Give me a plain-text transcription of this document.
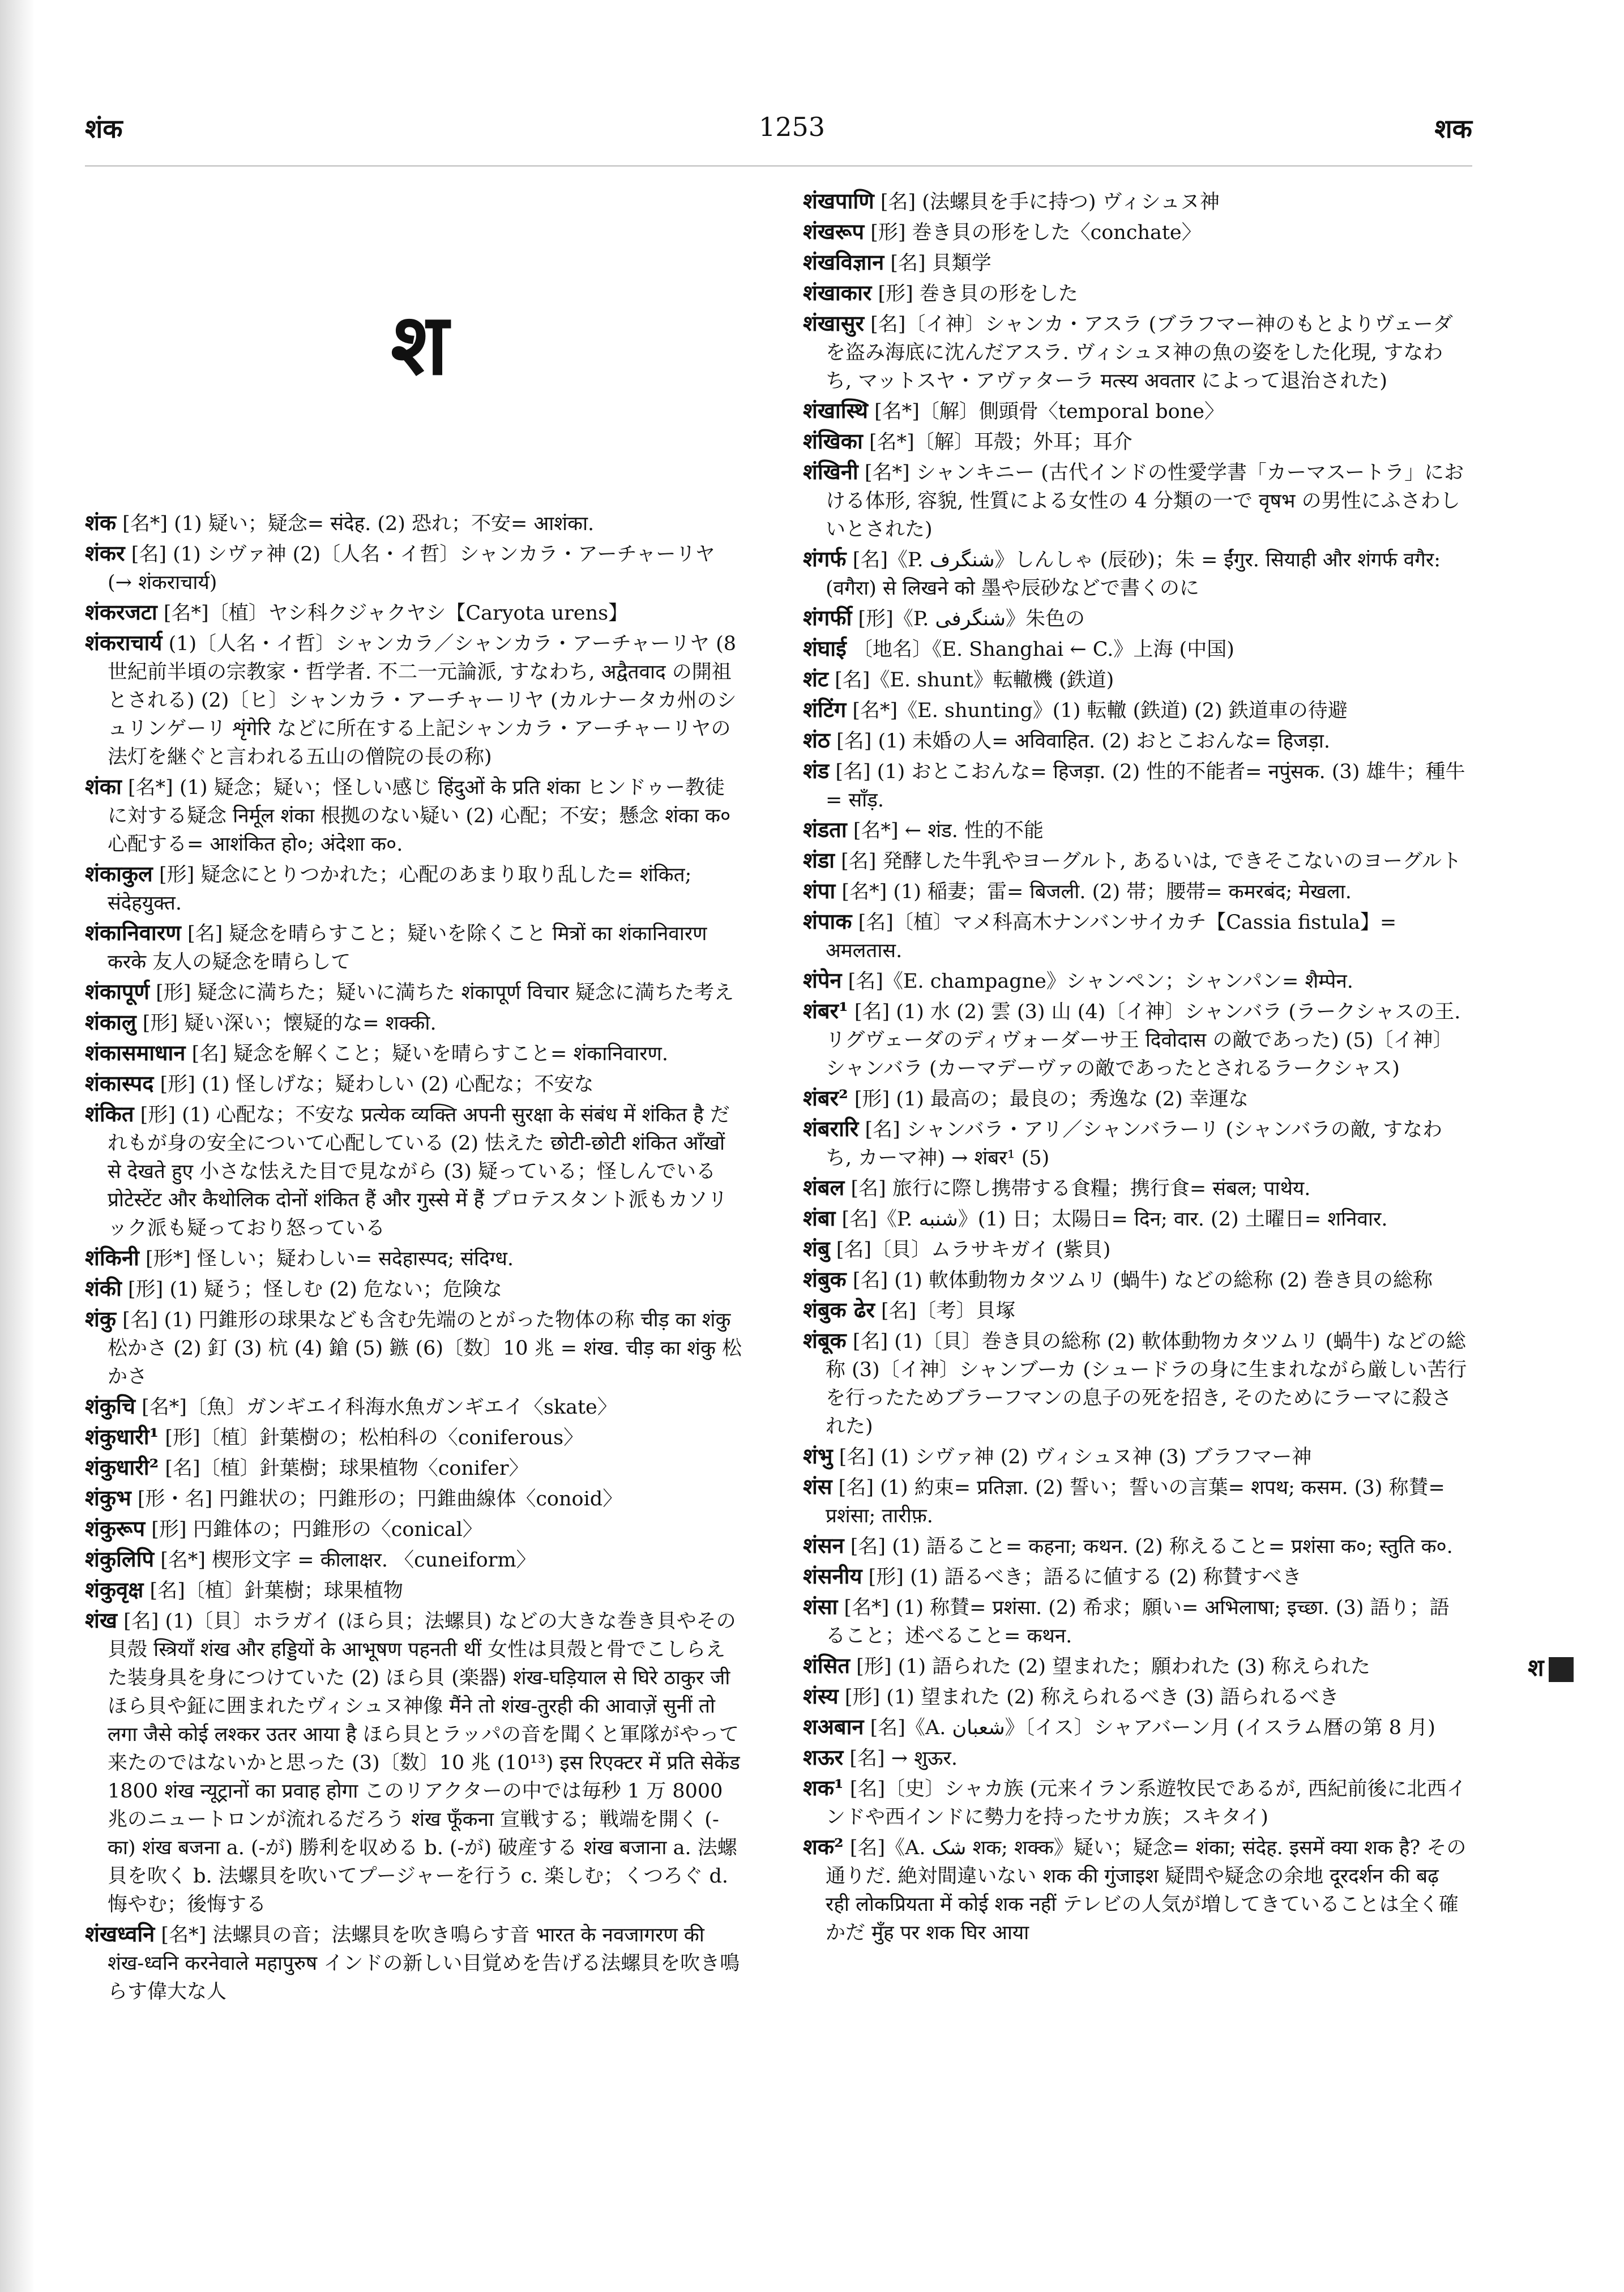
शंक	1253	शक
श

शंक [名*] (1) 疑い；疑念= संदेह. (2) 恐れ；不安= आशंका.

शंकर [名] (1) シヴァ神 (2)〔人名・イ哲〕シャンカラ・アーチャーリヤ (→ शंकराचार्य)

शंकरजटा [名*]〔植〕ヤシ科クジャクヤシ【Caryota urens】

शंकराचार्य (1)〔人名・イ哲〕シャンカラ／シャンカラ・アーチャーリヤ (8 世紀前半頃の宗教家・哲学者. 不二一元論派, すなわち, अद्वैतवाद の開祖とされる) (2)〔ヒ〕シャンカラ・アーチャーリヤ (カルナータカ州のシュリンゲーリ शृंगेरि などに所在する上記シャンカラ・アーチャーリヤの法灯を継ぐと言われる五山の僧院の長の称)

शंका [名*] (1) 疑念；疑い；怪しい感じ हिंदुओं के प्रति शंका ヒンドゥー教徒に対する疑念 निर्मूल शंका 根拠のない疑い (2) 心配；不安；懸念 शंका क० 心配する= आशंकित हो०; अंदेशा क०.

शंकाकुल [形] 疑念にとりつかれた；心配のあまり取り乱した= शंकित; संदेहयुक्त.

शंकानिवारण [名] 疑念を晴らすこと；疑いを除くこと मित्रों का शंकानिवारण करके 友人の疑念を晴らして

शंकापूर्ण [形] 疑念に満ちた；疑いに満ちた शंकापूर्ण विचार 疑念に満ちた考え

शंकालु [形] 疑い深い；懐疑的な= शक्की.

शंकासमाधान [名] 疑念を解くこと；疑いを晴らすこと= शंकानिवारण.

शंकास्पद [形] (1) 怪しげな；疑わしい (2) 心配な；不安な

शंकित [形] (1) 心配な；不安な प्रत्येक व्यक्ति अपनी सुरक्षा के संबंध में शंकित है だれもが身の安全について心配している (2) 怯えた छोटी-छोटी शंकित आँखों से देखते हुए 小さな怯えた目で見ながら (3) 疑っている；怪しんでいる प्रोटेस्टेंट और कैथोलिक दोनों शंकित हैं और गुस्से में हैं プロテスタント派もカソリック派も疑っており怒っている

शंकिनी [形*] 怪しい；疑わしい= सदेहास्पद; संदिग्ध.

शंकी [形] (1) 疑う；怪しむ (2) 危ない；危険な

शंकु [名] (1) 円錐形の球果なども含む先端のとがった物体の称 चीड़ का शंकु 松かさ (2) 釘 (3) 杭 (4) 鎗 (5) 鏃 (6)〔数〕10 兆 = शंख. चीड़ का शंकु 松かさ

शंकुचि [名*]〔魚〕ガンギエイ科海水魚ガンギエイ〈skate〉

शंकुधारी¹ [形]〔植〕針葉樹の；松柏科の〈coniferous〉

शंकुधारी² [名]〔植〕針葉樹；球果植物〈conifer〉

शंकुभ [形・名] 円錐状の；円錐形の；円錐曲線体〈conoid〉

शंकुरूप [形] 円錐体の；円錐形の〈conical〉

शंकुलिपि [名*] 楔形文字 = कीलाक्षर. 〈cuneiform〉

शंकुवृक्ष [名]〔植〕針葉樹；球果植物

शंख [名] (1)〔貝〕ホラガイ (ほら貝；法螺貝) などの大きな巻き貝やその貝殻 स्त्रियाँ शंख और हड्डियों के आभूषण पहनती थीं 女性は貝殻と骨でこしらえた装身具を身につけていた (2) ほら貝 (楽器) शंख-घड़ियाल से घिरे ठाकुर जी ほら貝や鉦に囲まれたヴィシュヌ神像 मैंने तो शंख-तुरही की आवाज़ें सुनीं तो लगा जैसे कोई लश्कर उतर आया है ほら貝とラッパの音を聞くと軍隊がやって来たのではないかと思った (3)〔数〕10 兆 (10¹³) इस रिएक्टर में प्रति सेकेंड 1800 शंख न्यूट्रानों का प्रवाह होगा このリアクターの中では毎秒 1 万 8000 兆のニュートロンが流れるだろう शंख फूँकना 宣戦する；戦端を開く (-का) शंख बजना a. (-が) 勝利を収める b. (-が) 破産する शंख बजाना a. 法螺貝を吹く b. 法螺貝を吹いてプージャーを行う c. 楽しむ；くつろぐ d. 悔やむ；後悔する

शंखध्वनि [名*] 法螺貝の音；法螺貝を吹き鳴らす音 भारत के नवजागरण की शंख-ध्वनि करनेवाले महापुरुष インドの新しい目覚めを告げる法螺貝を吹き鳴らす偉大な人

शंखपाणि [名] (法螺貝を手に持つ) ヴィシュヌ神

शंखरूप [形] 巻き貝の形をした〈conchate〉

शंखविज्ञान [名] 貝類学

शंखाकार [形] 巻き貝の形をした

शंखासुर [名]〔イ神〕シャンカ・アスラ (ブラフマー神のもとよりヴェーダを盗み海底に沈んだアスラ. ヴィシュヌ神の魚の姿をした化現, すなわち, マットスヤ・アヴァターラ मत्स्य अवतार によって退治された)

शंखास्थि [名*]〔解〕側頭骨〈temporal bone〉

शंखिका [名*]〔解〕耳殻；外耳；耳介

शंखिनी [名*] シャンキニー (古代インドの性愛学書「カーマスートラ」における体形, 容貌, 性質による女性の 4 分類の一で वृषभ の男性にふさわしいとされた)

शंगर्फ [名]《P. شنگرف》しんしゃ (辰砂)；朱 = ईंगुर. सियाही और शंगर्फ वगैर: (वगैरा) से लिखने को 墨や辰砂などで書くのに

शंगर्फी [形]《P. شنگرفی》朱色の

शंघाई 〔地名〕《E. Shanghai ← C.》上海 (中国)

शंट [名]《E. shunt》転轍機 (鉄道)

शंटिंग [名*]《E. shunting》(1) 転轍 (鉄道) (2) 鉄道車の待避

शंठ [名] (1) 未婚の人= अविवाहित. (2) おとこおんな= हिजड़ा.

शंड [名] (1) おとこおんな= हिजड़ा. (2) 性的不能者= नपुंसक. (3) 雄牛；種牛= साँड़.

शंडता [名*] ← शंड. 性的不能

शंडा [名] 発酵した牛乳やヨーグルト, あるいは, できそこないのヨーグルト

शंपा [名*] (1) 稲妻；雷= बिजली. (2) 帯；腰帯= कमरबंद; मेखला.

शंपाक [名]〔植〕マメ科高木ナンバンサイカチ【Cassia fistula】= अमलतास.

शंपेन [名]《E. champagne》シャンペン；シャンパン= शैम्पेन.

शंबर¹ [名] (1) 水 (2) 雲 (3) 山 (4)〔イ神〕シャンバラ (ラークシャスの王. リグヴェーダのディヴォーダーサ王 दिवोदास の敵であった) (5)〔イ神〕シャンバラ (カーマデーヴァの敵であったとされるラークシャス)

शंबर² [形] (1) 最高の；最良の；秀逸な (2) 幸運な

शंबरारि [名] シャンバラ・アリ／シャンバラーリ (シャンバラの敵, すなわち, カーマ神) → शंबर¹ (5)

शंबल [名] 旅行に際し携帯する食糧；携行食= संबल; पाथेय.

शंबा [名]《P. شنبه》(1) 日；太陽日= दिन; वार. (2) 土曜日= शनिवार.

शंबु [名]〔貝〕ムラサキガイ (紫貝)

शंबुक [名] (1) 軟体動物カタツムリ (蝸牛) などの総称 (2) 巻き貝の総称

शंबुक ढेर [名]〔考〕貝塚

शंबूक [名] (1)〔貝〕巻き貝の総称 (2) 軟体動物カタツムリ (蝸牛) などの総称 (3)〔イ神〕シャンブーカ (シュードラの身に生まれながら厳しい苦行を行ったためブラーフマンの息子の死を招き, そのためにラーマに殺された)

शंभु [名] (1) シヴァ神 (2) ヴィシュヌ神 (3) ブラフマー神

शंस [名] (1) 約束= प्रतिज्ञा. (2) 誓い；誓いの言葉= शपथ; कसम. (3) 称賛= प्रशंसा; तारीफ़.

शंसन [名] (1) 語ること= कहना; कथन. (2) 称えること= प्रशंसा क०; स्तुति क०.

शंसनीय [形] (1) 語るべき；語るに値する (2) 称賛すべき

शंसा [名*] (1) 称賛= प्रशंसा. (2) 希求；願い= अभिलाषा; इच्छा. (3) 語り；語ること；述べること= कथन.

शंसित [形] (1) 語られた (2) 望まれた；願われた (3) 称えられた

शंस्य [形] (1) 望まれた (2) 称えられるべき (3) 語られるべき

शअबान [名]《A. شعبان》〔イス〕シャアバーン月 (イスラム暦の第 8 月)

शऊर [名] → शुऊर.

शक¹ [名]〔史〕シャカ族 (元来イラン系遊牧民であるが, 西紀前後に北西インドや西インドに勢力を持ったサカ族；スキタイ)

शक² [名]《A. شک शक; शक्क》疑い；疑念= शंका; संदेह. इसमें क्या शक है? その通りだ. 絶対間違いない शक की गुंजाइश 疑問や疑念の余地 दूरदर्शन की बढ़ रही लोकप्रियता में कोई शक नहीं テレビの人気が増してきていることは全く確かだ मुँह पर शक घिर आया

श
